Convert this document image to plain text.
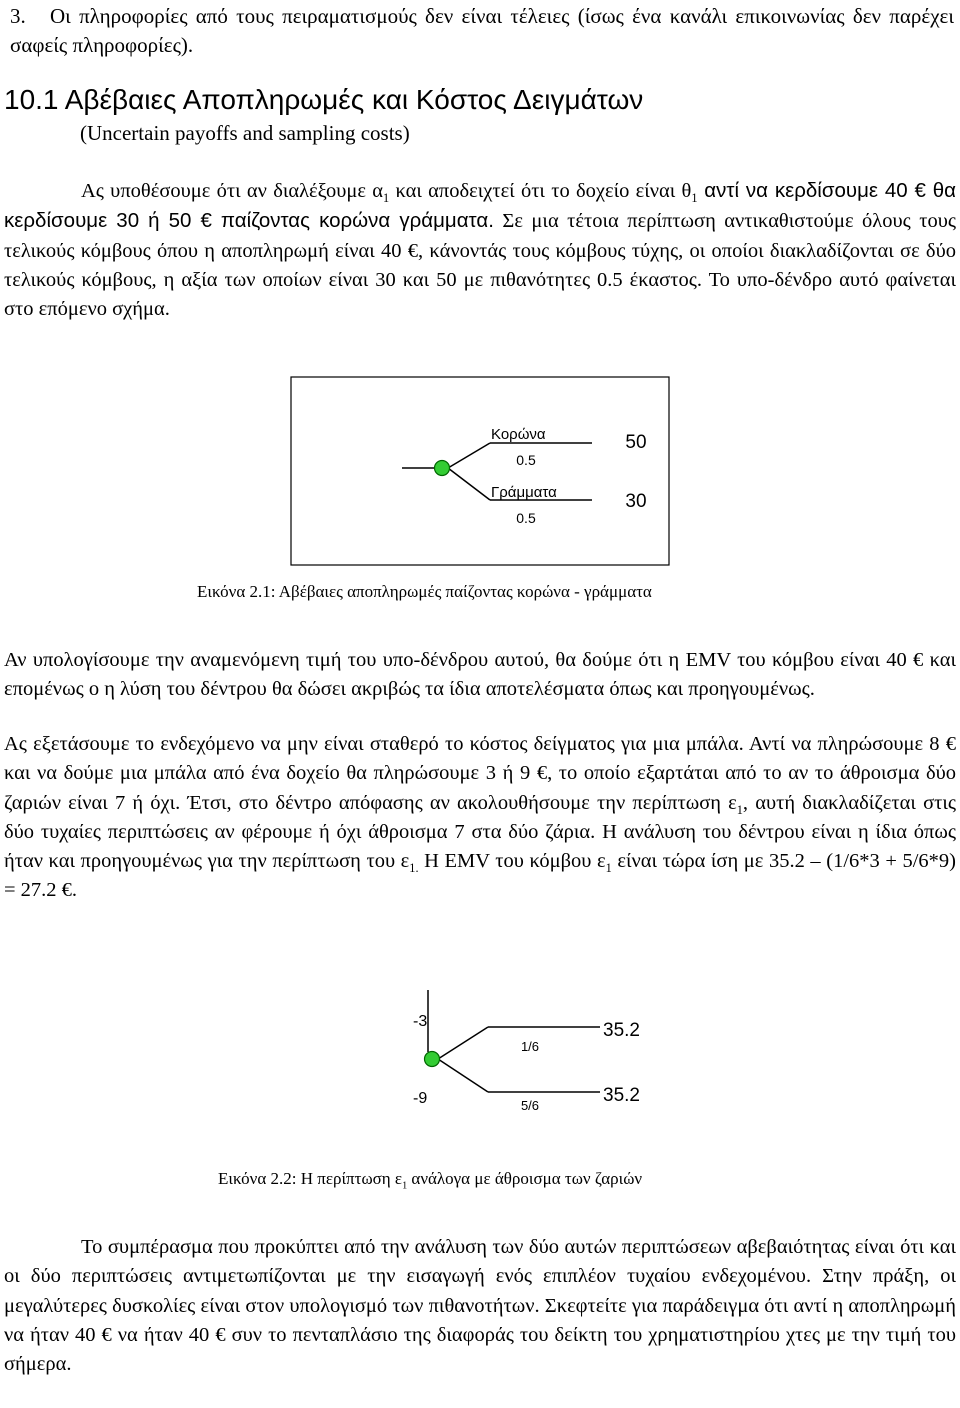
3. Οι πληροφορίες από τους πειραματισμούς δεν είναι τέλειες (ίσως ένα κανάλι επικοινωνίας δεν παρέχει σαφείς πληροφορίες).
10.1 Αβέβαιες Αποπληρωμές και Κόστος Δειγμάτων
(Uncertain payoffs and sampling costs)
Ας υποθέσουμε ότι αν διαλέξουμε $\alpha_1$ και αποδειχτεί ότι το δοχείο είναι $\theta_1$ αντί να κερδίσουμε 40 € θα κερδίσουμε 30 ή 50 € παίζοντας κορώνα γράμματα. Σε μια τέτοια περίπτωση αντικαθιστούμε όλους τους τελικούς κόμβους όπου η αποπληρωμή είναι 40 €, κάνοντάς τους κόμβους τύχης, οι οποίοι διακλαδίζονται σε δύο τελικούς κόμβους, η αξία των οποίων είναι 30 και 50 με πιθανότητες 0.5 έκαστος. Το υπο-δένδρο αυτό φαίνεται στο επόμενο σχήμα.
Κορώνα
0.5
50
Γράμματα
0.5
30
Εικόνα 2.1: Αβέβαιες αποπληρωμές παίζοντας κορώνα - γράμματα
Αν υπολογίσουμε την αναμενόμενη τιμή του υπο-δένδρου αυτού, θα δούμε ότι η EMV του κόμβου είναι 40 € και επομένως ο η λύση του δέντρου θα δώσει ακριβώς τα ίδια αποτελέσματα όπως και προηγουμένως.
Ας εξετάσουμε το ενδεχόμενο να μην είναι σταθερό το κόστος δείγματος για μια μπάλα. Αντί να πληρώσουμε 8 € και να δούμε μια μπάλα από ένα δοχείο θα πληρώσουμε 3 ή 9 €, το οποίο εξαρτάται από το αν το άθροισμα δύο ζαριών είναι 7 ή όχι. Έτσι, στο δέντρο απόφασης αν ακολουθήσουμε την περίπτωση $\varepsilon_1$, αυτή διακλαδίζεται στις δύο τυχαίες περιπτώσεις αν φέρουμε ή όχι άθροισμα 7 στα δύο ζάρια. Η ανάλυση του δέντρου είναι η ίδια όπως ήταν και προηγουμένως για την περίπτωση του $\varepsilon_{1.}$ Η EMV του κόμβου $\varepsilon_1$ είναι τώρα ίση με 35.2 – (1/6*3 + 5/6*9) = 27.2 €.
-3
1/6
35.2
-9	5/6	35.2
Εικόνα 2.2: Η περίπτωση $\varepsilon_1$ ανάλογα με άθροισμα των ζαριών
Το συμπέρασμα που προκύπτει από την ανάλυση των δύο αυτών περιπτώσεων αβεβαιότητας είναι ότι και οι δύο περιπτώσεις αντιμετωπίζονται με την εισαγωγή ενός επιπλέον τυχαίου ενδεχομένου. Στην πράξη, οι μεγαλύτερες δυσκολίες είναι στον υπολογισμό των πιθανοτήτων. Σκεφτείτε για παράδειγμα ότι αντί η αποπληρωμή να ήταν 40 € να ήταν 40 € συν το πενταπλάσιο της διαφοράς του δείκτη του χρηματιστηρίου χτες με την τιμή του σήμερα.
